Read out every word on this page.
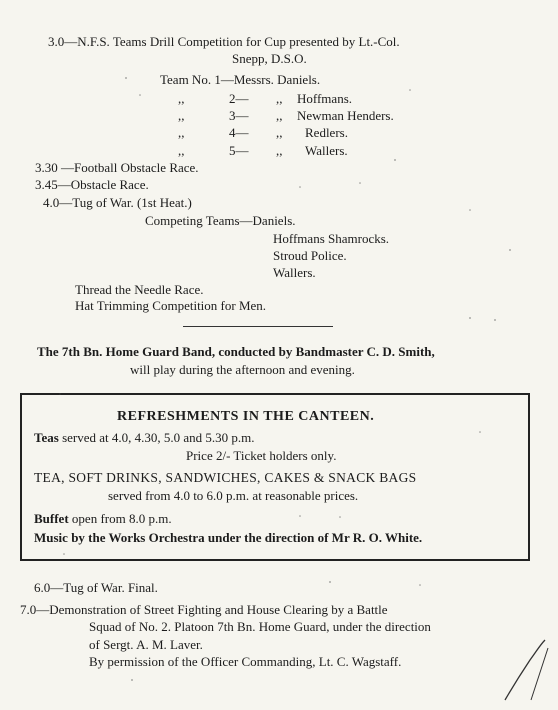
3.0—N.F.S. Teams Drill Competition for Cup presented by Lt.-Col.
Snepp, D.S.O.
Team No. 1—Messrs. Daniels.
,,	2— ,, Hoffmans.
,,	3— ,, Newman Henders.
,,	4— ,, Redlers.
,,	5— ,, Wallers.
3.30 —Football Obstacle Race.
3.45—Obstacle Race.
4.0—Tug of War. (1st Heat.)
Competing Teams—Daniels.
Hoffmans Shamrocks.
Stroud Police.
Wallers.
Thread the Needle Race.
Hat Trimming Competition for Men.
The 7th Bn. Home Guard Band, conducted by Bandmaster C. D. Smith,
will play during the afternoon and evening.
REFRESHMENTS IN THE CANTEEN.
Teas served at 4.0, 4.30, 5.0 and 5.30 p.m.
Price 2/- Ticket holders only.
TEA, SOFT DRINKS, SANDWICHES, CAKES & SNACK BAGS
served from 4.0 to 6.0 p.m. at reasonable prices.
Buffet open from 8.0 p.m.
Music by the Works Orchestra under the direction of Mr R. O. White.
6.0—Tug of War. Final.
7.0—Demonstration of Street Fighting and House Clearing by a Battle
Squad of No. 2. Platoon 7th Bn. Home Guard, under the direction
of Sergt. A. M. Laver.
By permission of the Officer Commanding, Lt. C. Wagstaff.
